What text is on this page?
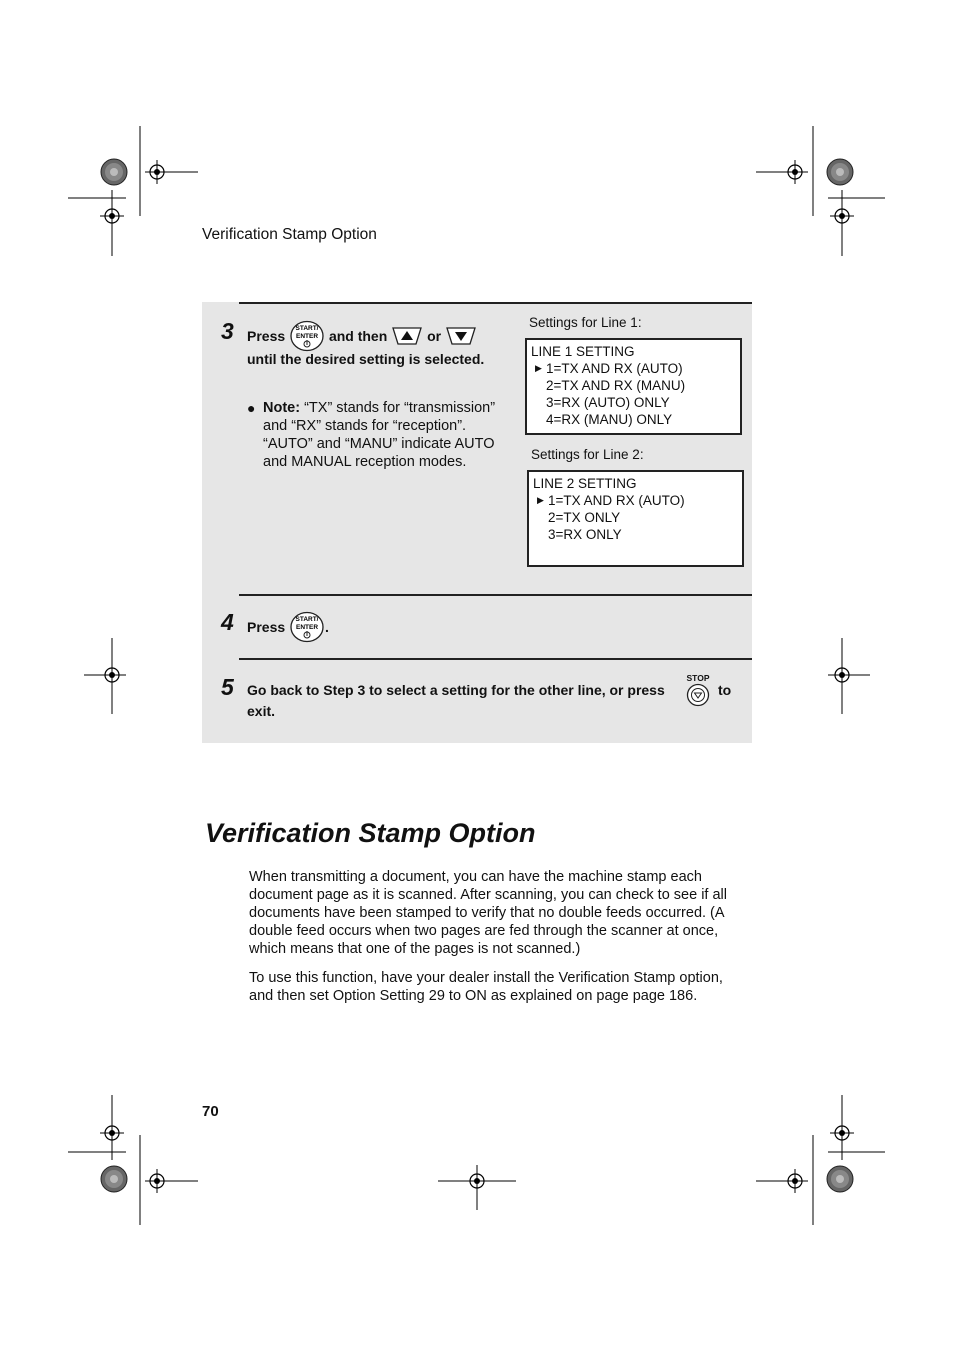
Verification Stamp Option
3 Press START/
ENTER and then	or
until the desired setting is selected.
● Note: “TX” stands for “transmission” and “RX” stands for “reception”. “AUTO” and “MANU” indicate AUTO and MANUAL reception modes.
Settings for Line 1:
LINE 1 SETTING
▶ 1=TX AND RX (AUTO)
2=TX AND RX (MANU)
3=RX (AUTO) ONLY
4=RX (MANU) ONLY
Settings for Line 2:
LINE 2 SETTING
▶ 1=TX AND RX (AUTO)
2=TX ONLY
3=RX ONLY
4 Press START/
ENTER .
5 Go back to Step 3 to select a setting for the other line, or press
STOP
to
exit.
Verification Stamp Option
When transmitting a document, you can have the machine stamp each document page as it is scanned. After scanning, you can check to see if all documents have been stamped to verify that no double feeds occurred. (A double feed occurs when two pages are fed through the scanner at once, which means that one of the pages is not scanned.)
To use this function, have your dealer install the Verification Stamp option, and then set Option Setting 29 to ON as explained on page page 186.
70
